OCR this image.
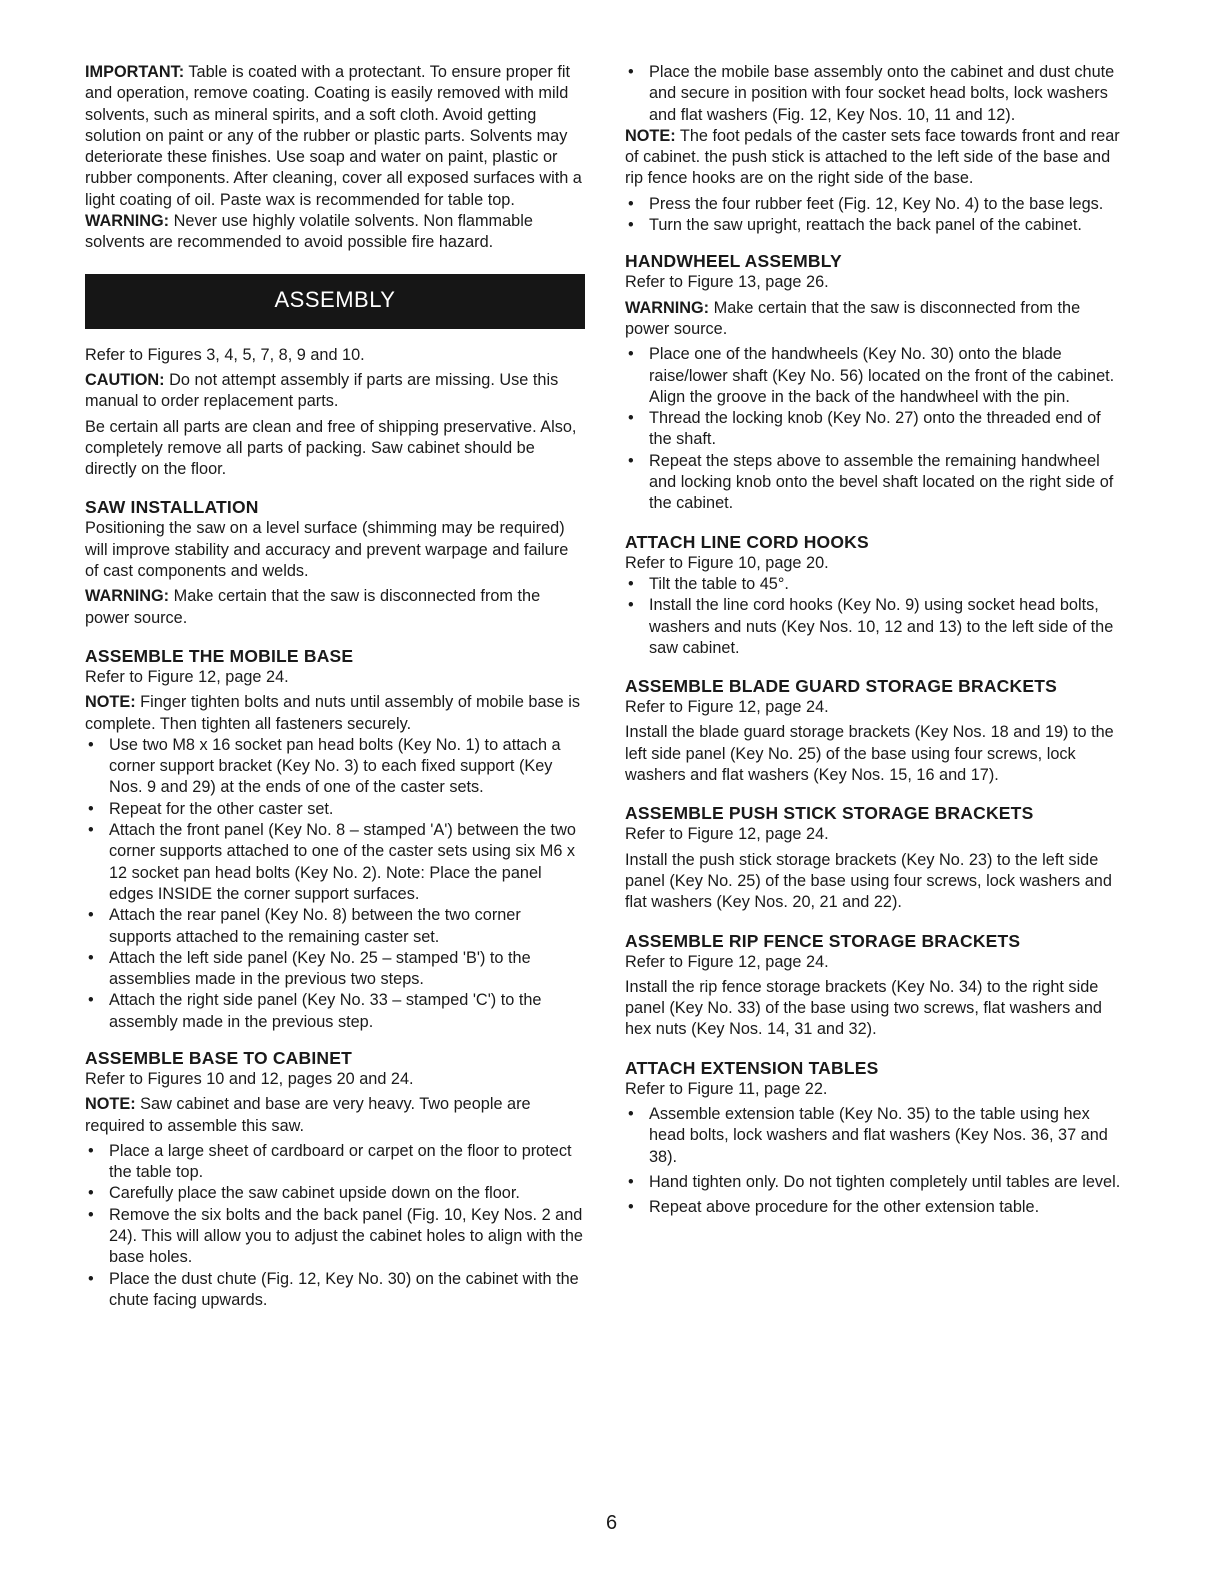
IMPORTANT: Table is coated with a protectant. To ensure proper fit and operation, remove coating. Coating is easily removed with mild solvents, such as mineral spirits, and a soft cloth. Avoid getting solution on paint or any of the rubber or plastic parts. Solvents may deteriorate these finishes. Use soap and water on paint, plastic or rubber components. After cleaning, cover all exposed surfaces with a light coating of oil. Paste wax is recommended for table top.

WARNING: Never use highly volatile solvents. Non flammable solvents are recommended to avoid possible fire hazard.

ASSEMBLY

Refer to Figures 3, 4, 5, 7, 8, 9 and 10.

CAUTION: Do not attempt assembly if parts are missing. Use this manual to order replacement parts.

Be certain all parts are clean and free of shipping preservative. Also, completely remove all parts of packing. Saw cabinet should be directly on the floor.

SAW INSTALLATION

Positioning the saw on a level surface (shimming may be required) will improve stability and accuracy and prevent warpage and failure of cast components and welds.

WARNING: Make certain that the saw is disconnected from the power source.

ASSEMBLE THE MOBILE BASE

Refer to Figure 12, page 24.

NOTE: Finger tighten bolts and nuts until assembly of mobile base is complete. Then tighten all fasteners securely.

• Use two M8 x 16 socket pan head bolts (Key No. 1) to attach a corner support bracket (Key No. 3) to each fixed support (Key Nos. 9 and 29) at the ends of one of the caster sets.
• Repeat for the other caster set.
• Attach the front panel (Key No. 8 – stamped 'A') between the two corner supports attached to one of the caster sets using six M6 x 12 socket pan head bolts (Key No. 2). Note: Place the panel edges INSIDE the corner support surfaces.
• Attach the rear panel (Key No. 8) between the two corner supports attached to the remaining caster set.
• Attach the left side panel (Key No. 25 – stamped 'B') to the assemblies made in the previous two steps.
• Attach the right side panel (Key No. 33 – stamped 'C') to the assembly made in the previous step.
ASSEMBLE BASE TO CABINET

Refer to Figures 10 and 12, pages 20 and 24.

NOTE: Saw cabinet and base are very heavy. Two people are required to assemble this saw.

• Place a large sheet of cardboard or carpet on the floor to protect the table top.
• Carefully place the saw cabinet upside down on the floor.
• Remove the six bolts and the back panel (Fig. 10, Key Nos. 2 and 24). This will allow you to adjust the cabinet holes to align with the base holes.
• Place the dust chute (Fig. 12, Key No. 30) on the cabinet with the chute facing upwards.
• Place the mobile base assembly onto the cabinet and dust chute and secure in position with four socket head bolts, lock washers and flat washers (Fig. 12, Key Nos. 10, 11 and 12).

NOTE: The foot pedals of the caster sets face towards front and rear of cabinet. the push stick is attached to the left side of the base and rip fence hooks are on the right side of the base.

• Press the four rubber feet (Fig. 12, Key No. 4) to the base legs.
• Turn the saw upright, reattach the back panel of the cabinet.
HANDWHEEL ASSEMBLY

Refer to Figure 13, page 26.

WARNING: Make certain that the saw is disconnected from the power source.

• Place one of the handwheels (Key No. 30) onto the blade raise/lower shaft (Key No. 56) located on the front of the cabinet. Align the groove in the back of the handwheel with the pin.
• Thread the locking knob (Key No. 27) onto the threaded end of the shaft.
• Repeat the steps above to assemble the remaining handwheel and locking knob onto the bevel shaft located on the right side of the cabinet.
ATTACH LINE CORD HOOKS

Refer to Figure 10, page 20.

• Tilt the table to 45°.
• Install the line cord hooks (Key No. 9) using socket head bolts, washers and nuts (Key Nos. 10, 12 and 13) to the left side of the saw cabinet.
ASSEMBLE BLADE GUARD STORAGE BRACKETS

Refer to Figure 12, page 24.

Install the blade guard storage brackets (Key Nos. 18 and 19) to the left side panel (Key No. 25) of the base using four screws, lock washers and flat washers (Key Nos. 15, 16 and 17).

ASSEMBLE PUSH STICK STORAGE BRACKETS

Refer to Figure 12, page 24.

Install the push stick storage brackets (Key No. 23) to the left side panel (Key No. 25) of the base using four screws, lock washers and flat washers (Key Nos. 20, 21 and 22).

ASSEMBLE RIP FENCE STORAGE BRACKETS

Refer to Figure 12, page 24.

Install the rip fence storage brackets (Key No. 34) to the right side panel (Key No. 33) of the base using two screws, flat washers and hex nuts (Key Nos. 14, 31 and 32).

ATTACH EXTENSION TABLES

Refer to Figure 11, page 22.

• Assemble extension table (Key No. 35) to the table using hex head bolts, lock washers and flat washers (Key Nos. 36, 37 and 38).
• Hand tighten only. Do not tighten completely until tables are level.
• Repeat above procedure for the other extension table.
6
